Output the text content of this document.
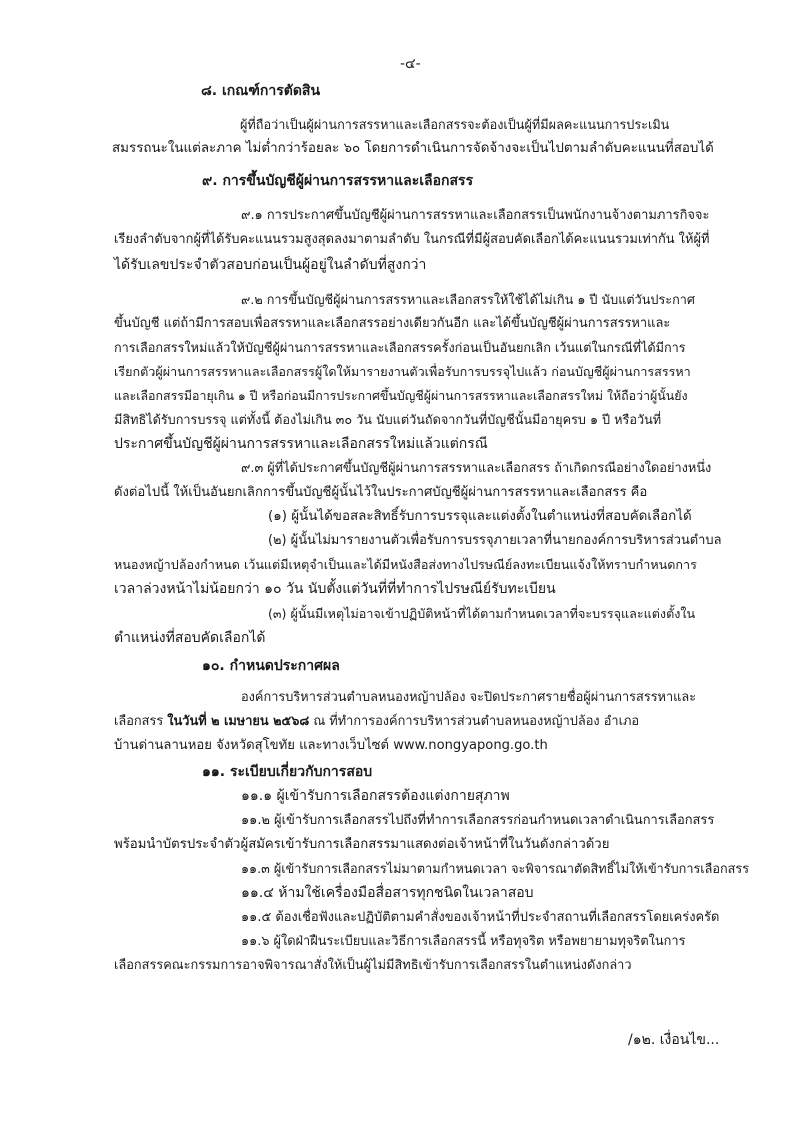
-๔-

๘. เกณฑ์การตัดสิน

ผู้ที่ถือว่าเป็นผู้ผ่านการสรรหาและเลือกสรรจะต้องเป็นผู้ที่มีผลคะแนนการประเมิน

สมรรถนะในแต่ละภาค ไม่ต่ำกว่าร้อยละ ๖๐ โดยการดำเนินการจัดจ้างจะเป็นไปตามลำดับคะแนนที่สอบได้

๙. การขึ้นบัญชีผู้ผ่านการสรรหาและเลือกสรร

๙.๑ การประกาศขึ้นบัญชีผู้ผ่านการสรรหาและเลือกสรรเป็นพนักงานจ้างตามภารกิจจะ

เรียงลำดับจากผู้ที่ได้รับคะแนนรวมสูงสุดลงมาตามลำดับ ในกรณีที่มีผู้สอบคัดเลือกได้คะแนนรวมเท่ากัน ให้ผู้ที่

ได้รับเลขประจำตัวสอบก่อนเป็นผู้อยู่ในลำดับที่สูงกว่า

๙.๒ การขึ้นบัญชีผู้ผ่านการสรรหาและเลือกสรรให้ใช้ได้ไม่เกิน ๑ ปี นับแต่วันประกาศ

ขึ้นบัญชี แต่ถ้ามีการสอบเพื่อสรรหาและเลือกสรรอย่างเดียวกันอีก และได้ขึ้นบัญชีผู้ผ่านการสรรหาและ

การเลือกสรรใหม่แล้วให้บัญชีผู้ผ่านการสรรหาและเลือกสรรครั้งก่อนเป็นอันยกเลิก เว้นแต่ในกรณีที่ได้มีการ

เรียกตัวผู้ผ่านการสรรหาและเลือกสรรผู้ใดให้มารายงานตัวเพื่อรับการบรรจุไปแล้ว ก่อนบัญชีผู้ผ่านการสรรหา

และเลือกสรรมีอายุเกิน ๑ ปี หรือก่อนมีการประกาศขึ้นบัญชีผู้ผ่านการสรรหาและเลือกสรรใหม่ ให้ถือว่าผู้นั้นยัง

มีสิทธิได้รับการบรรจุ แต่ทั้งนี้ ต้องไม่เกิน ๓๐ วัน นับแต่วันถัดจากวันที่บัญชีนั้นมีอายุครบ ๑ ปี หรือวันที่

ประกาศขึ้นบัญชีผู้ผ่านการสรรหาและเลือกสรรใหม่แล้วแต่กรณี

๙.๓ ผู้ที่ได้ประกาศขึ้นบัญชีผู้ผ่านการสรรหาและเลือกสรร ถ้าเกิดกรณีอย่างใดอย่างหนึ่ง

ดังต่อไปนี้ ให้เป็นอันยกเลิกการขึ้นบัญชีผู้นั้นไว้ในประกาศบัญชีผู้ผ่านการสรรหาและเลือกสรร คือ

(๑) ผู้นั้นได้ขอสละสิทธิ์รับการบรรจุและแต่งตั้งในตำแหน่งที่สอบคัดเลือกได้

(๒) ผู้นั้นไม่มารายงานตัวเพื่อรับการบรรจุภายเวลาที่นายกองค์การบริหารส่วนตำบล

หนองหญ้าปล้องกำหนด เว้นแต่มีเหตุจำเป็นและได้มีหนังสือส่งทางไปรษณีย์ลงทะเบียนแจ้งให้ทราบกำหนดการ

เวลาล่วงหน้าไม่น้อยกว่า ๑๐ วัน นับตั้งแต่วันที่ที่ทำการไปรษณีย์รับทะเบียน

(๓) ผู้นั้นมีเหตุไม่อาจเข้าปฏิบัติหน้าที่ได้ตามกำหนดเวลาที่จะบรรจุและแต่งตั้งใน

ตำแหน่งที่สอบคัดเลือกได้

๑๐. กำหนดประกาศผล

องค์การบริหารส่วนตำบลหนองหญ้าปล้อง จะปิดประกาศรายชื่อผู้ผ่านการสรรหาและ

เลือกสรร ในวันที่ ๒ เมษายน ๒๕๖๘ ณ ที่ทำการองค์การบริหารส่วนตำบลหนองหญ้าปล้อง อำเภอ

บ้านด่านลานหอย จังหวัดสุโขทัย และทางเว็บไซต์ www.nongyapong.go.th

๑๑. ระเบียบเกี่ยวกับการสอบ

๑๑.๑ ผู้เข้ารับการเลือกสรรต้องแต่งกายสุภาพ

๑๑.๒ ผู้เข้ารับการเลือกสรรไปถึงที่ทำการเลือกสรรก่อนกำหนดเวลาดำเนินการเลือกสรร

พร้อมนำบัตรประจำตัวผู้สมัครเข้ารับการเลือกสรรมาแสดงต่อเจ้าหน้าที่ในวันดังกล่าวด้วย

๑๑.๓ ผู้เข้ารับการเลือกสรรไม่มาตามกำหนดเวลา จะพิจารณาตัดสิทธิ์ไม่ให้เข้ารับการเลือกสรร

๑๑.๔ ห้ามใช้เครื่องมือสื่อสารทุกชนิดในเวลาสอบ

๑๑.๕ ต้องเชื่อฟังและปฏิบัติตามคำสั่งของเจ้าหน้าที่ประจำสถานที่เลือกสรรโดยเคร่งครัด

๑๑.๖ ผู้ใดฝ่าฝืนระเบียบและวิธีการเลือกสรรนี้ หรือทุจริต หรือพยายามทุจริตในการ

เลือกสรรคณะกรรมการอาจพิจารณาสั่งให้เป็นผู้ไม่มีสิทธิเข้ารับการเลือกสรรในตำแหน่งดังกล่าว

/๑๒. เงื่อนไข...
